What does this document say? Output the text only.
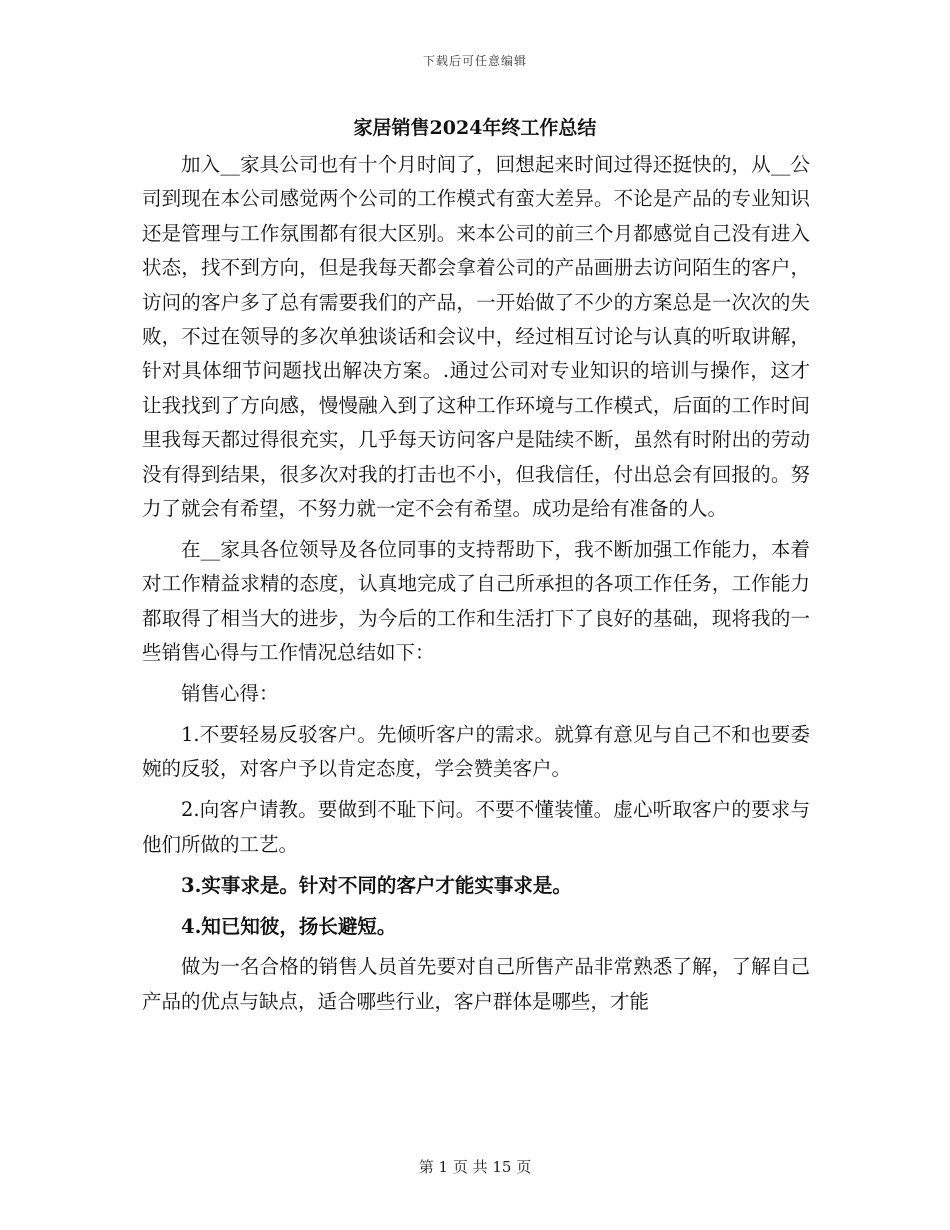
下载后可任意编辑
家居销售2024年终工作总结

加入__家具公司也有十个月时间了，回想起来时间过得还挺快的，从__公司到现在本公司感觉两个公司的工作模式有蛮大差异。不论是产品的专业知识还是管理与工作氛围都有很大区别。来本公司的前三个月都感觉自己没有进入状态，找不到方向，但是我每天都会拿着公司的产品画册去访问陌生的客户，访问的客户多了总有需要我们的产品，一开始做了不少的方案总是一次次的失败，不过在领导的多次单独谈话和会议中，经过相互讨论与认真的听取讲解，针对具体细节问题找出解决方案。.通过公司对专业知识的培训与操作，这才让我找到了方向感，慢慢融入到了这种工作环境与工作模式，后面的工作时间里我每天都过得很充实，几乎每天访问客户是陆续不断，虽然有时附出的劳动没有得到结果，很多次对我的打击也不小，但我信任，付出总会有回报的。努力了就会有希望，不努力就一定不会有希望。成功是给有准备的人。

在__家具各位领导及各位同事的支持帮助下，我不断加强工作能力，本着对工作精益求精的态度，认真地完成了自己所承担的各项工作任务，工作能力都取得了相当大的进步，为今后的工作和生活打下了良好的基础，现将我的一些销售心得与工作情况总结如下：

销售心得：

1.不要轻易反驳客户。先倾听客户的需求。就算有意见与自己不和也要委婉的反驳，对客户予以肯定态度，学会赞美客户。

2.向客户请教。要做到不耻下问。不要不懂装懂。虚心听取客户的要求与他们所做的工艺。

3.实事求是。针对不同的客户才能实事求是。

4.知已知彼，扬长避短。

做为一名合格的销售人员首先要对自己所售产品非常熟悉了解，了解自己产品的优点与缺点，适合哪些行业，客户群体是哪些，才能

第 1 页 共 15 页
